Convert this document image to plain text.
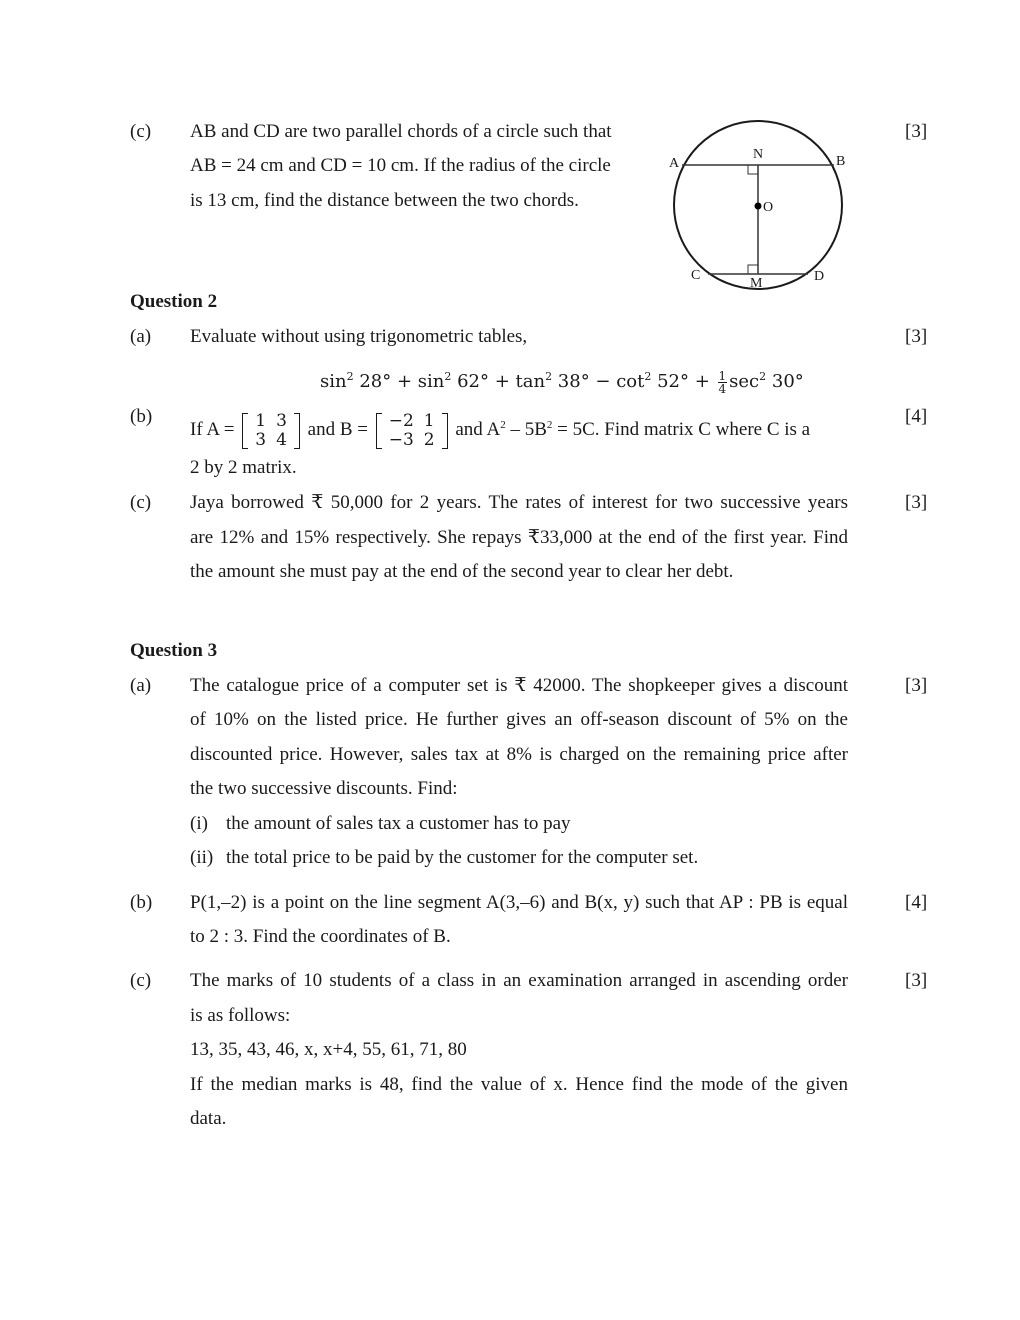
(c)	[3]
AB and CD are two parallel chords of a circle such that
AB = 24 cm and CD = 10 cm. If the radius of the circle
is 13 cm, find the distance between the two chords.
A	B
C	D
N
M
O
Question 2
(a)	[3]
Evaluate without using trigonometric tables,
$\sin^2 28^\circ + \sin^2 62^\circ + \tan^2 38^\circ - \cot^2 52^\circ + \frac{1}{4} \sec^2 30^\circ$
(b)	[4]
If A = 1	3
3	4 and B = −2	1
−3	2 and $A^2 - 5B^2 = 5C$. Find matrix C where C is a
2 by 2 matrix.
(c)	[3]
Jaya borrowed ₹ 50,000 for 2 years. The rates of interest for two successive years
are 12% and 15% respectively. She repays ₹33,000 at the end of the first year. Find
the amount she must pay at the end of the second year to clear her debt.
Question 3
(a)	[3]
The catalogue price of a computer set is ₹ 42000. The shopkeeper gives a discount
of 10% on the listed price. He further gives an off-season discount of 5% on the
discounted price. However, sales tax at 8% is charged on the remaining price after
the two successive discounts. Find:
(i) the amount of sales tax a customer has to pay
(ii) the total price to be paid by the customer for the computer set.
(b)	[4]
P(1,–2) is a point on the line segment A(3,–6) and B(x, y) such that AP : PB is equal
to 2 : 3. Find the coordinates of B.
(c)	[3]
The marks of 10 students of a class in an examination arranged in ascending order
is as follows:
13, 35, 43, 46, x, x+4, 55, 61, 71, 80
If the median marks is 48, find the value of x. Hence find the mode of the given
data.
